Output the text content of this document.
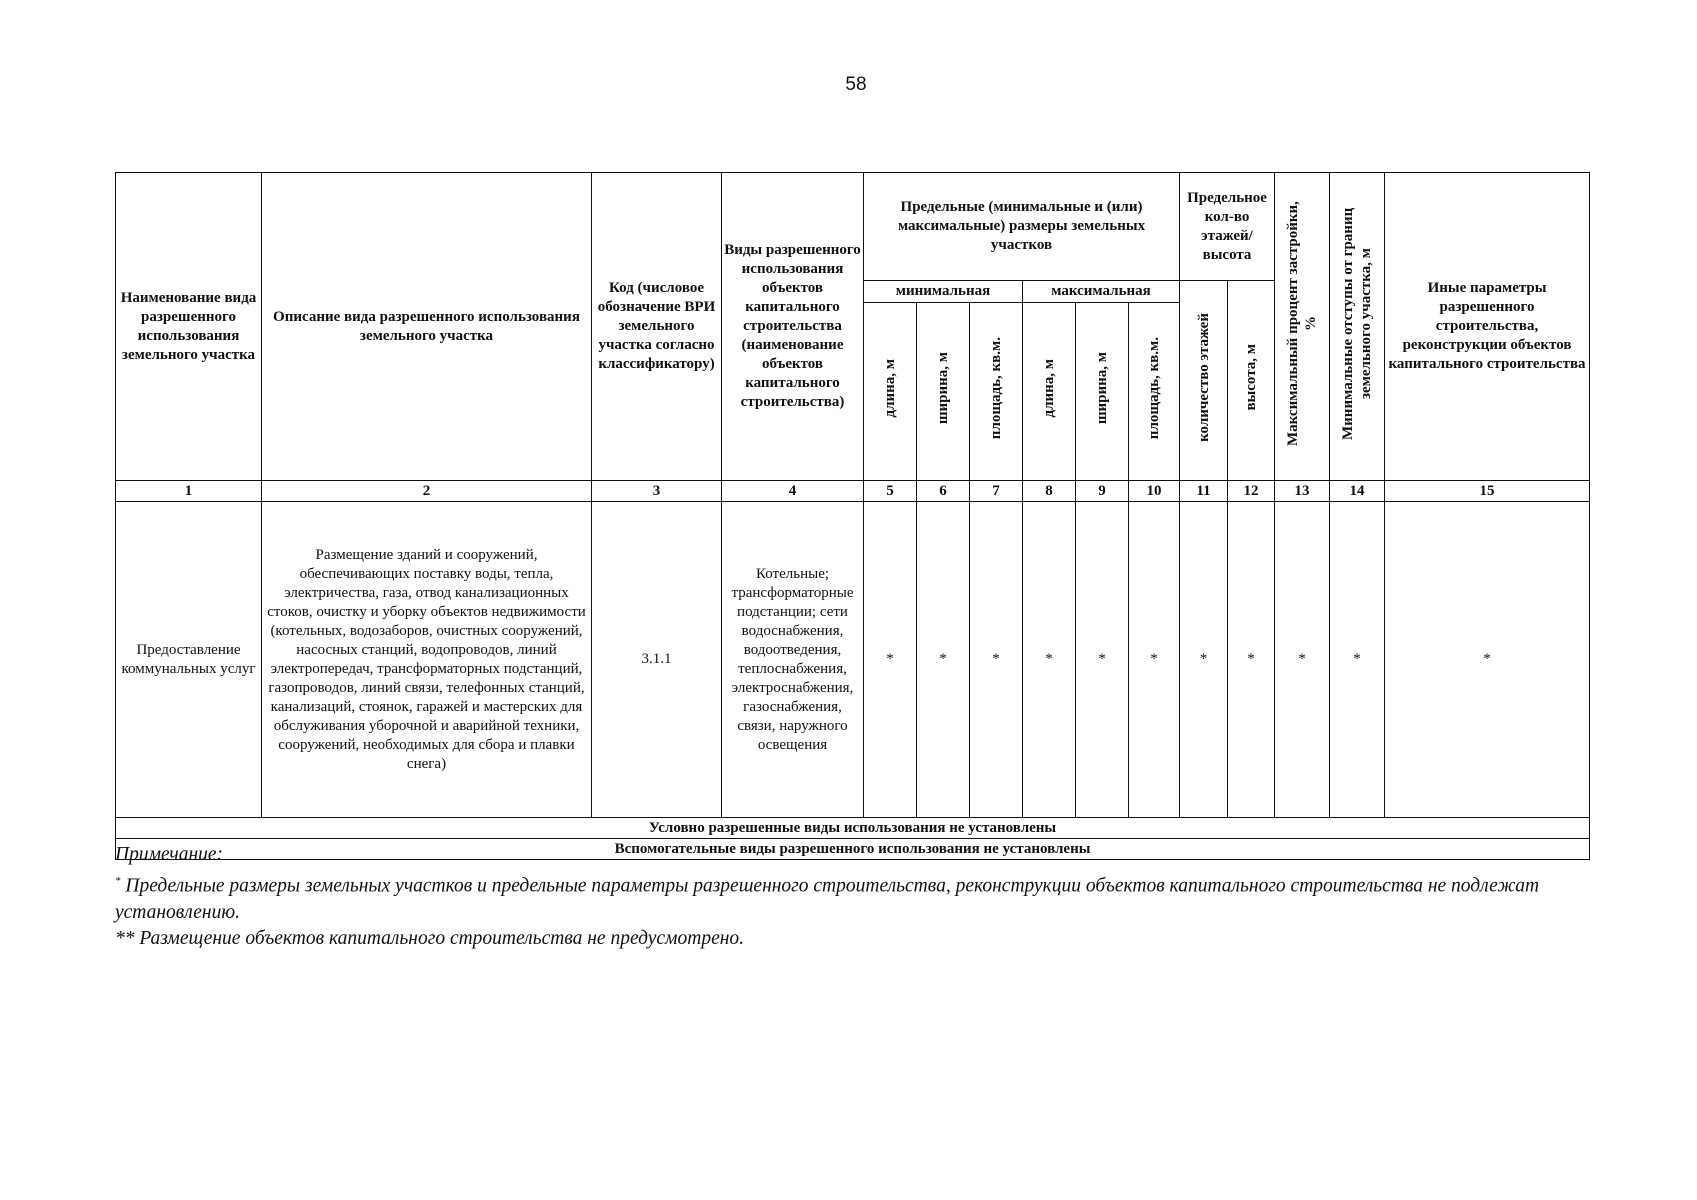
58
Наименование вида разрешенного использования земельного участка	Описание вида разрешенного использования земельного участка	Код (числовое обозначение ВРИ земельного участка согласно классификатору)	Виды разрешенного использования объектов капитального строительства (наименование объектов капитального строительства)	Предельные (минимальные и (или) максимальные) размеры земельных участков						Предельное кол-во этажей/ высота		Максимальный процент застройки, %	Минимальные отступы от границ земельного участка, м	Иные параметры разрешенного строительства, реконструкции объектов капитального строительства
				минимальная			максимальная			количество этажей	высота, м			
				длина, м	ширина, м	площадь, кв.м.	длина, м	ширина, м	площадь, кв.м.					
1	2	3	4	5	6	7	8	9	10	11	12	13	14	15
Предоставление коммунальных услуг	Размещение зданий и сооружений, обеспечивающих поставку воды, тепла, электричества, газа, отвод канализационных стоков, очистку и уборку объектов недвижимости (котельных, водозаборов, очистных сооружений, насосных станций, водопроводов, линий электропередач, трансформаторных подстанций, газопроводов, линий связи, телефонных станций, канализаций, стоянок, гаражей и мастерских для обслуживания уборочной и аварийной техники, сооружений, необходимых для сбора и плавки снега)	3.1.1	Котельные; трансформаторные подстанции; сети водоснабжения, водоотведения, теплоснабжения, электроснабжения, газоснабжения, связи, наружного освещения	*	*	*	*	*	*	*	*	*	*	*
Условно разрешенные виды использования не установлены														
Вспомогательные виды разрешенного использования не установлены														

Примечание:

* Предельные размеры земельных участков и предельные параметры разрешенного строительства, реконструкции объектов капитального строительства не подлежат установлению.

** Размещение объектов капитального строительства не предусмотрено.
